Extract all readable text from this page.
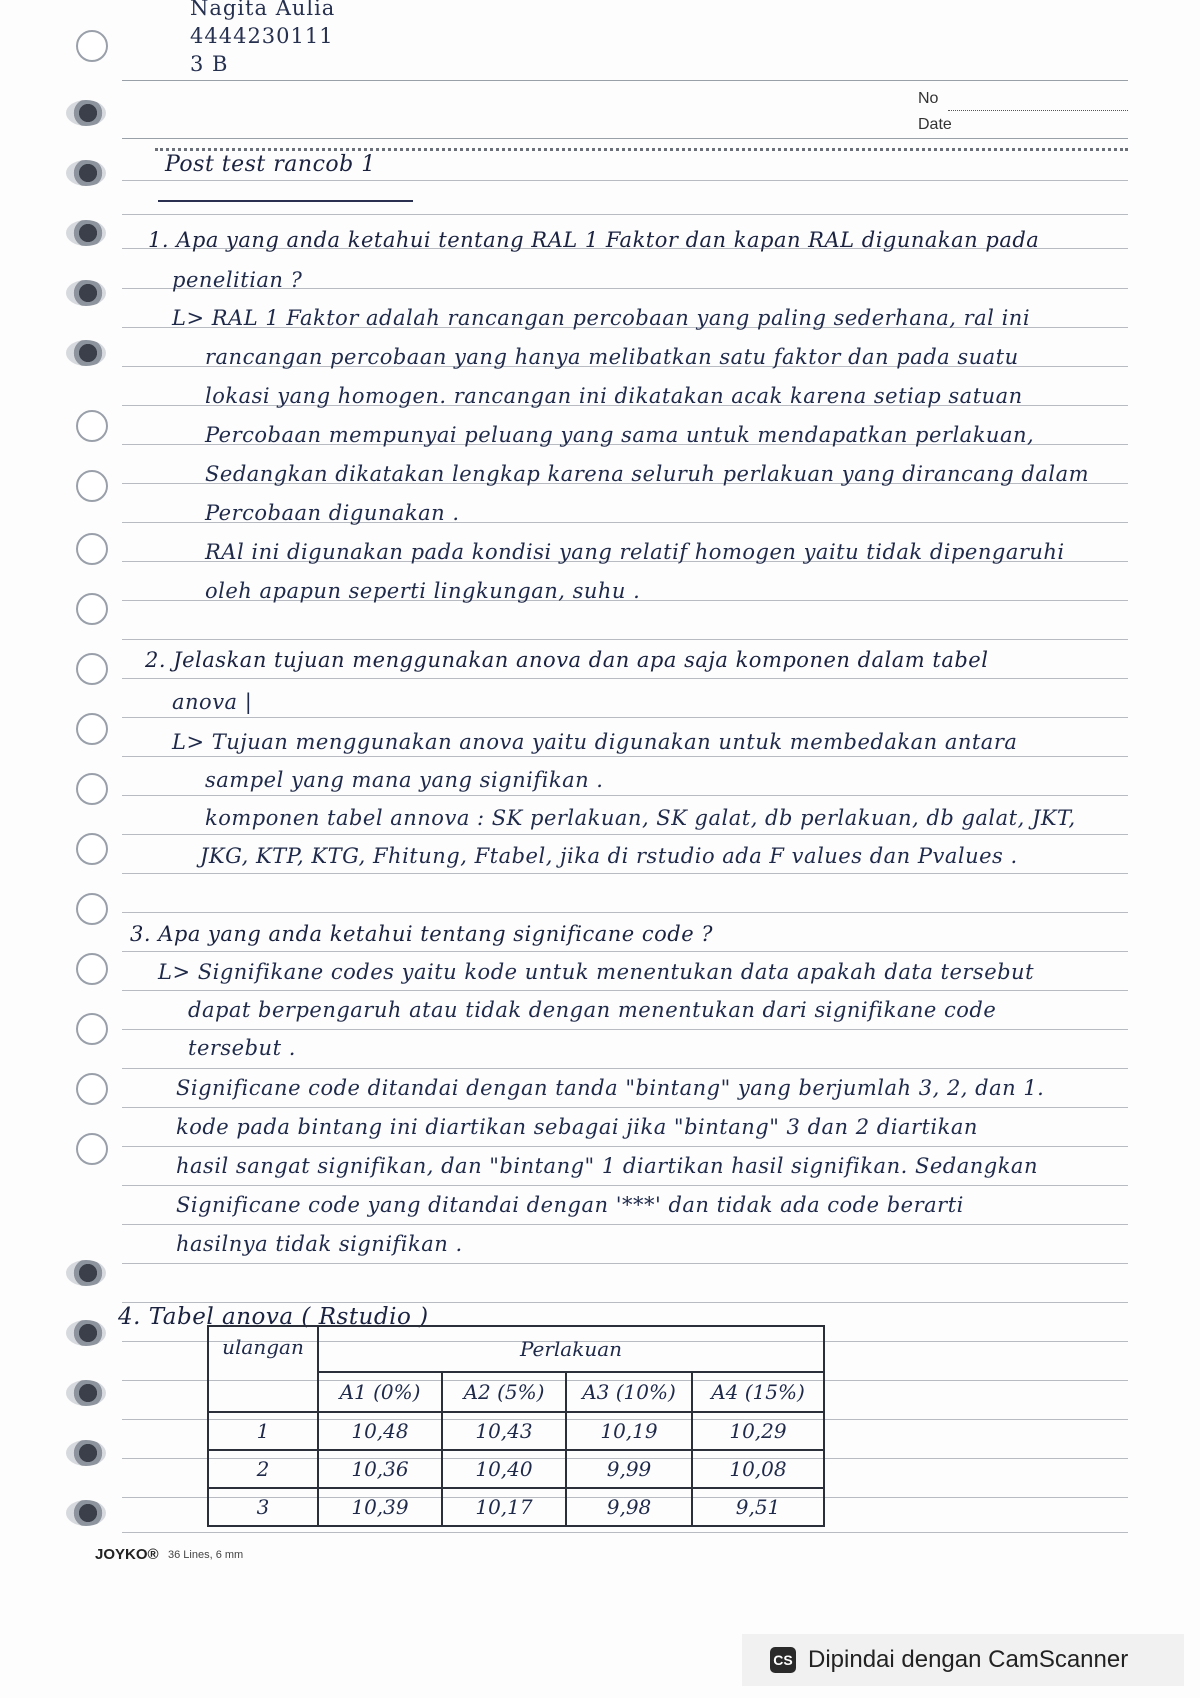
Nagita Aulia
4444230111
3 B
No
Date
Post test rancob 1
1. Apa yang anda ketahui tentang RAL 1 Faktor dan kapan RAL digunakan pada
penelitian ?
L> RAL 1 Faktor adalah rancangan percobaan yang paling sederhana, ral ini
rancangan percobaan yang hanya melibatkan satu faktor dan pada suatu
lokasi yang homogen. rancangan ini dikatakan acak karena setiap satuan
Percobaan mempunyai peluang yang sama untuk mendapatkan perlakuan,
Sedangkan dikatakan lengkap karena seluruh perlakuan yang dirancang dalam
Percobaan digunakan .
RAl ini digunakan pada kondisi yang relatif homogen yaitu tidak dipengaruhi
oleh apapun seperti lingkungan, suhu .
2. Jelaskan tujuan menggunakan anova dan apa saja komponen dalam tabel
anova |
L> Tujuan menggunakan anova yaitu digunakan untuk membedakan antara
sampel yang mana yang signifikan .
komponen tabel annova : SK perlakuan, SK galat, db perlakuan, db galat, JKT,
JKG, KTP, KTG, Fhitung, Ftabel, jika di rstudio ada F values dan Pvalues .
3. Apa yang anda ketahui tentang significane code ?
L> Signifikane codes yaitu kode untuk menentukan data apakah data tersebut
dapat berpengaruh atau tidak dengan menentukan dari signifikane code
tersebut .
Significane code ditandai dengan tanda "bintang" yang berjumlah 3, 2, dan 1.
kode pada bintang ini diartikan sebagai jika "bintang" 3 dan 2 diartikan
hasil sangat signifikan, dan "bintang" 1 diartikan hasil signifikan. Sedangkan
Significane code yang ditandai dengan '***' dan tidak ada code berarti
hasilnya tidak signifikan .
4. Tabel anova ( Rstudio )
ulangan	Perlakuan			
	A1 (0%)	A2 (5%)	A3 (10%)	A4 (15%)
1	10,48	10,43	10,19	10,29
2	10,36	10,40	9,99	10,08
3	10,39	10,17	9,98	9,51
JOYKO® 36 Lines, 6 mm
CS Dipindai dengan CamScanner
